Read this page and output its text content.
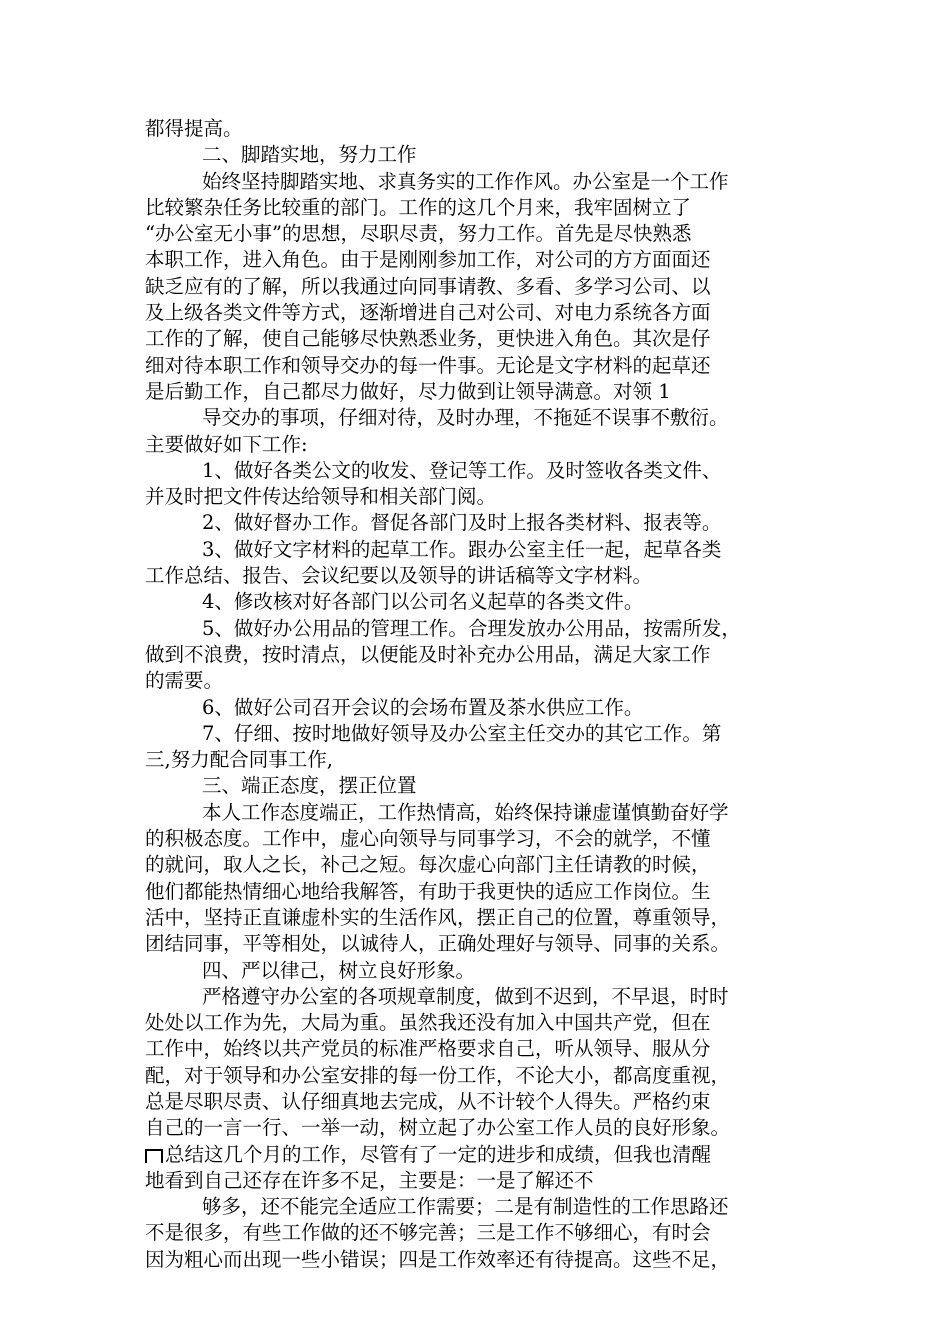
都得提高。
二、脚踏实地，努力工作
始终坚持脚踏实地、求真务实的工作作风。办公室是一个工作
比较繁杂任务比较重的部门。工作的这几个月来，我牢固树立了
“办公室无小事”的思想，尽职尽责，努力工作。首先是尽快熟悉
本职工作，进入角色。由于是刚刚参加工作，对公司的方方面面还
缺乏应有的了解，所以我通过向同事请教、多看、多学习公司、以
及上级各类文件等方式，逐渐增进自己对公司、对电力系统各方面
工作的了解，使自己能够尽快熟悉业务，更快进入角色。其次是仔
细对待本职工作和领导交办的每一件事。无论是文字材料的起草还
是后勤工作，自己都尽力做好，尽力做到让领导满意。对领 1
导交办的事项，仔细对待，及时办理，不拖延不误事不敷衍。
主要做好如下工作:
1、做好各类公文的收发、登记等工作。及时签收各类文件、
并及时把文件传达给领导和相关部门阅。
2、做好督办工作。督促各部门及时上报各类材料、报表等。
3、做好文字材料的起草工作。跟办公室主任一起，起草各类
工作总结、报告、会议纪要以及领导的讲话稿等文字材料。
4、修改核对好各部门以公司名义起草的各类文件。
5、做好办公用品的管理工作。合理发放办公用品，按需所发，
做到不浪费，按时清点，以便能及时补充办公用品，满足大家工作
的需要。
6、做好公司召开会议的会场布置及茶水供应工作。
7、仔细、按时地做好领导及办公室主任交办的其它工作。第
三,努力配合同事工作,
三、端正态度，摆正位置
本人工作态度端正，工作热情高，始终保持谦虚谨慎勤奋好学
的积极态度。工作中，虚心向领导与同事学习，不会的就学，不懂
的就问，取人之长，补己之短。每次虚心向部门主任请教的时候，
他们都能热情细心地给我解答，有助于我更快的适应工作岗位。生
活中，坚持正直谦虚朴实的生活作风，摆正自己的位置，尊重领导，
团结同事，平等相处，以诚待人，正确处理好与领导、同事的关系。
四、严以律己，树立良好形象。
严格遵守办公室的各项规章制度，做到不迟到，不早退，时时
处处以工作为先，大局为重。虽然我还没有加入中国共产党，但在
工作中，始终以共产党员的标准严格要求自己，听从领导、服从分
配，对于领导和办公室安排的每一份工作，不论大小，都高度重视，
总是尽职尽责、认仔细真地去完成，从不计较个人得失。严格约束
自己的一言一行、一举一动，树立起了办公室工作人员的良好形象。
总结这几个月的工作，尽管有了一定的进步和成绩，但我也清醒
地看到自己还存在许多不足，主要是：一是了解还不
够多，还不能完全适应工作需要；二是有制造性的工作思路还
不是很多，有些工作做的还不够完善；三是工作不够细心，有时会
因为粗心而出现一些小错误；四是工作效率还有待提高。这些不足，
